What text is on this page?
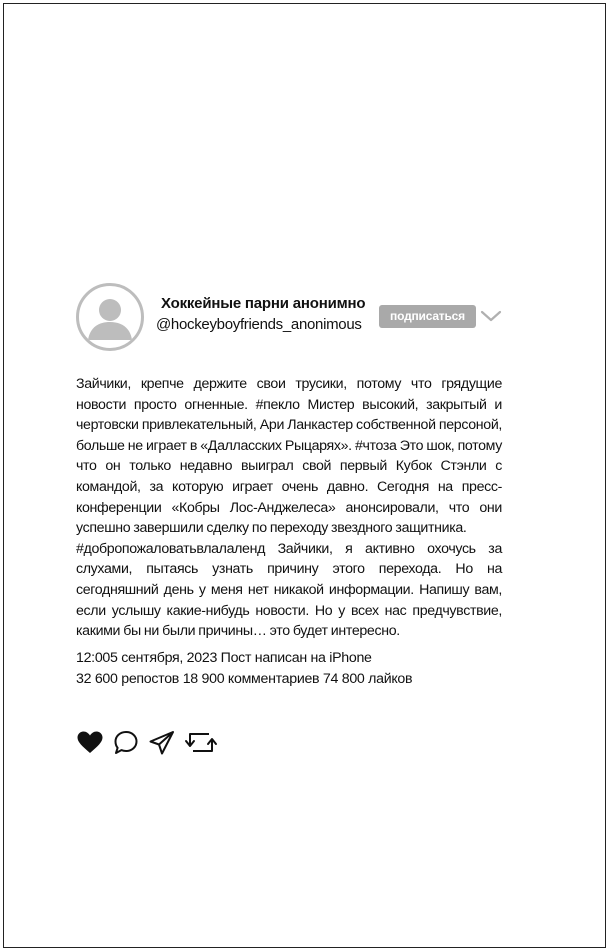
Хоккейные парни анонимно
@hockeyboyfriends_anonimous	подписаться

Зайчики, крепче держите свои трусики, потому что грядущие новости просто огненные. #пекло Мистер высокий, закрытый и чертовски привлекательный, Ари Ланкастер собственной персоной, больше не играет в «Далласских Рыцарях». #чтоза Это шок, потому что он только недавно выиграл свой первый Кубок Стэнли с командой, за которую играет очень давно. Сегодня на пресс-конференции «Кобры Лос-Анджелеса» анонсировали, что они успешно завершили сделку по переходу звездного защитника.

#добропожаловатьвлалаленд Зайчики, я активно охочусь за слухами, пытаясь узнать причину этого перехода. Но на сегодняшний день у меня нет никакой информации. Напишу вам, если услышу какие-нибудь новости. Но у всех нас предчувствие, какими бы ни были причины… это будет интересно.

12:005 сентября, 2023 Пост написан на iPhone
32 600 репостов 18 900 комментариев 74 800 лайков
